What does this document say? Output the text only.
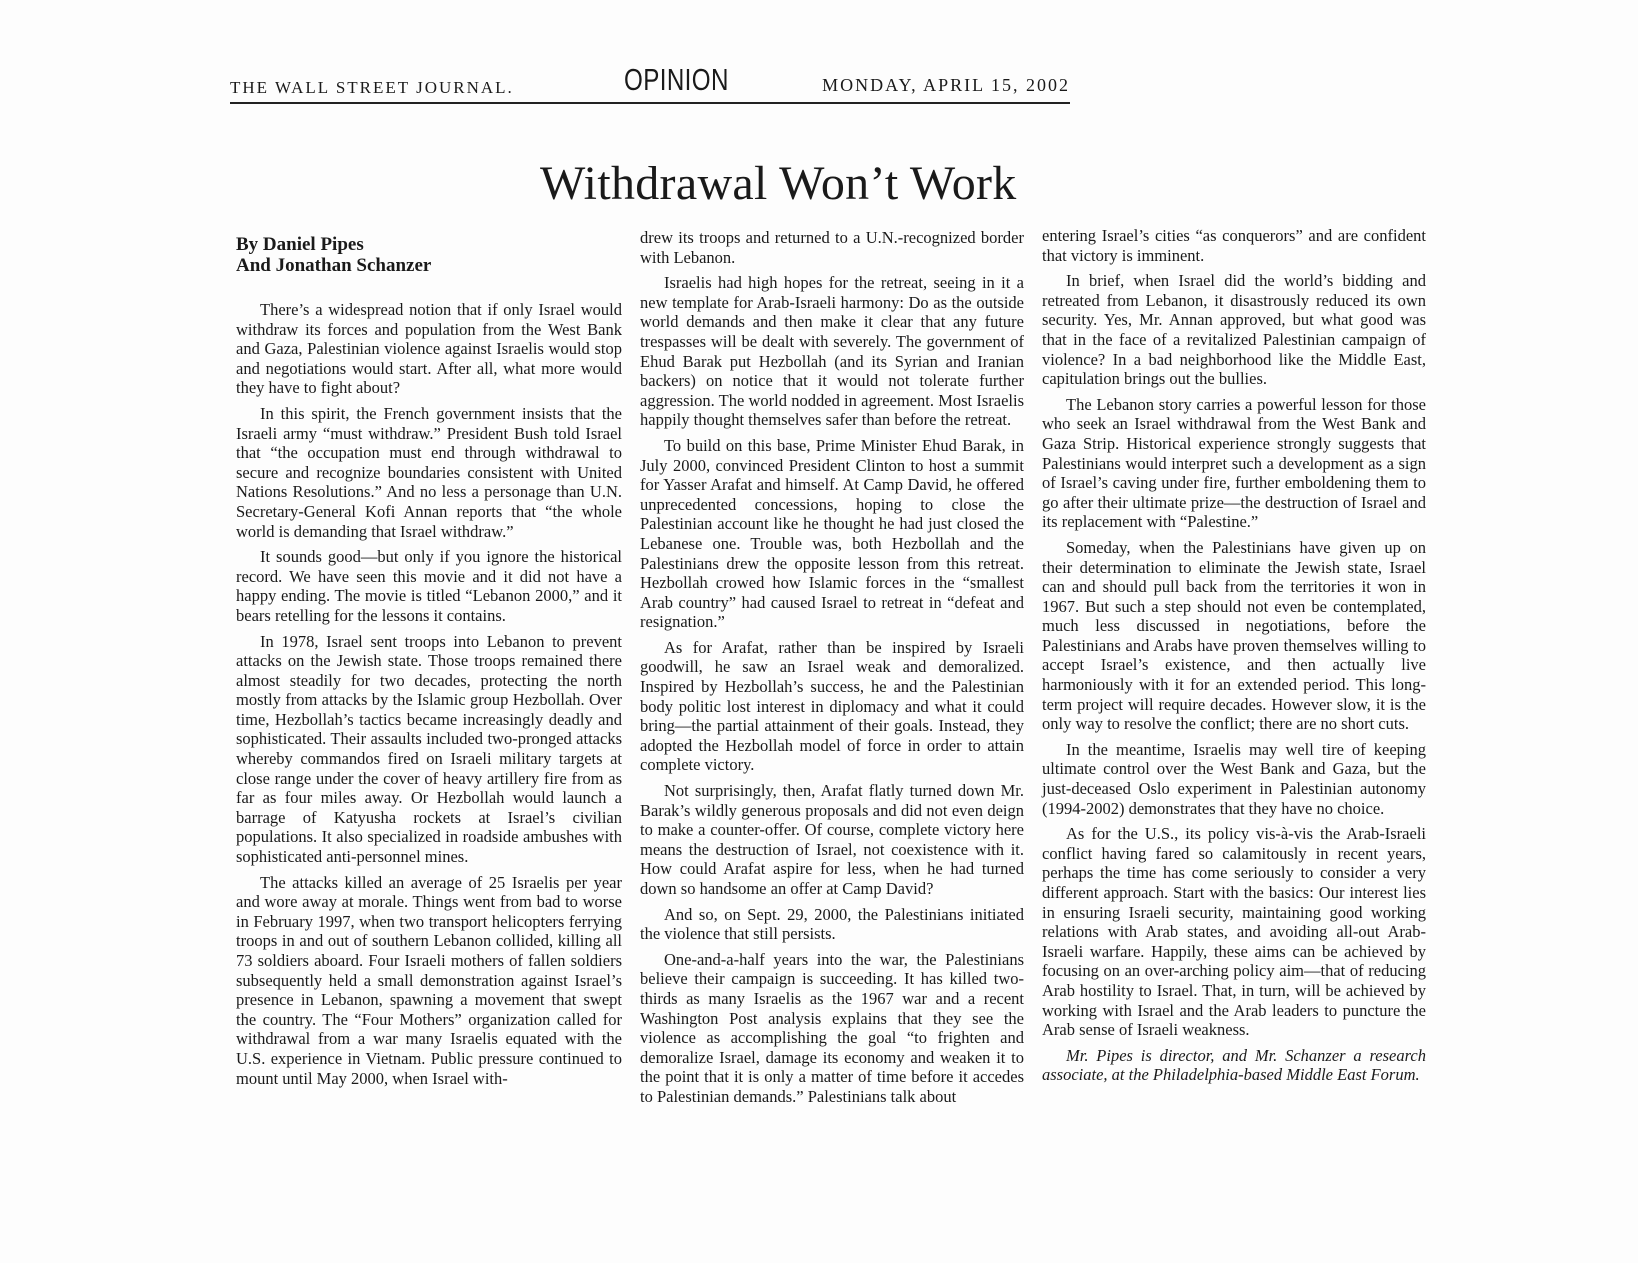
THE WALL STREET JOURNAL.	OPINION	MONDAY, APRIL 15, 2002
Withdrawal Won’t Work
By Daniel Pipes
And Jonathan Schanzer

There’s a widespread notion that if only Israel would withdraw its forces and population from the West Bank and Gaza, Palestinian violence against Israelis would stop and negotiations would start. After all, what more would they have to fight about?

In this spirit, the French government insists that the Israeli army “must withdraw.” President Bush told Israel that “the occupation must end through withdrawal to secure and recognize boundaries consistent with United Nations Resolutions.” And no less a personage than U.N. Secretary-General Kofi Annan reports that “the whole world is demanding that Israel withdraw.”

It sounds good—but only if you ignore the historical record. We have seen this movie and it did not have a happy ending. The movie is titled “Lebanon 2000,” and it bears retelling for the lessons it contains.

In 1978, Israel sent troops into Lebanon to prevent attacks on the Jewish state. Those troops remained there almost steadily for two decades, protecting the north mostly from attacks by the Islamic group Hezbollah. Over time, Hezbollah’s tactics became increasingly deadly and sophisticated. Their assaults included two-pronged attacks whereby commandos fired on Israeli military targets at close range under the cover of heavy artillery fire from as far as four miles away. Or Hezbollah would launch a barrage of Katyusha rockets at Israel’s civilian populations. It also specialized in roadside ambushes with sophisticated anti-personnel mines.

The attacks killed an average of 25 Israelis per year and wore away at morale. Things went from bad to worse in February 1997, when two transport helicopters ferrying troops in and out of southern Lebanon collided, killing all 73 soldiers aboard. Four Israeli mothers of fallen soldiers subsequently held a small demonstration against Israel’s presence in Lebanon, spawning a movement that swept the country. The “Four Mothers” organization called for withdrawal from a war many Israelis equated with the U.S. experience in Vietnam. Public pressure continued to mount until May 2000, when Israel with-

drew its troops and returned to a U.N.-recognized border with Lebanon.

Israelis had high hopes for the retreat, seeing in it a new template for Arab-Israeli harmony: Do as the outside world demands and then make it clear that any future trespasses will be dealt with severely. The government of Ehud Barak put Hezbollah (and its Syrian and Iranian backers) on notice that it would not tolerate further aggression. The world nodded in agreement. Most Israelis happily thought themselves safer than before the retreat.

To build on this base, Prime Minister Ehud Barak, in July 2000, convinced President Clinton to host a summit for Yasser Arafat and himself. At Camp David, he offered unprecedented concessions, hoping to close the Palestinian account like he thought he had just closed the Lebanese one. Trouble was, both Hezbollah and the Palestinians drew the opposite lesson from this retreat. Hezbollah crowed how Islamic forces in the “smallest Arab country” had caused Israel to retreat in “defeat and resignation.”

As for Arafat, rather than be inspired by Israeli goodwill, he saw an Israel weak and demoralized. Inspired by Hezbollah’s success, he and the Palestinian body politic lost interest in diplomacy and what it could bring—the partial attainment of their goals. Instead, they adopted the Hezbollah model of force in order to attain complete victory.

Not surprisingly, then, Arafat flatly turned down Mr. Barak’s wildly generous proposals and did not even deign to make a counter-offer. Of course, complete victory here means the destruction of Israel, not coexistence with it. How could Arafat aspire for less, when he had turned down so handsome an offer at Camp David?

And so, on Sept. 29, 2000, the Palestinians initiated the violence that still persists.

One-and-a-half years into the war, the Palestinians believe their campaign is succeeding. It has killed two-thirds as many Israelis as the 1967 war and a recent Washington Post analysis explains that they see the violence as accomplishing the goal “to frighten and demoralize Israel, damage its economy and weaken it to the point that it is only a matter of time before it accedes to Palestinian demands.” Palestinians talk about

entering Israel’s cities “as conquerors” and are confident that victory is imminent.

In brief, when Israel did the world’s bidding and retreated from Lebanon, it disastrously reduced its own security. Yes, Mr. Annan approved, but what good was that in the face of a revitalized Palestinian campaign of violence? In a bad neighborhood like the Middle East, capitulation brings out the bullies.

The Lebanon story carries a powerful lesson for those who seek an Israel withdrawal from the West Bank and Gaza Strip. Historical experience strongly suggests that Palestinians would interpret such a development as a sign of Israel’s caving under fire, further emboldening them to go after their ultimate prize—the destruction of Israel and its replacement with “Palestine.”

Someday, when the Palestinians have given up on their determination to eliminate the Jewish state, Israel can and should pull back from the territories it won in 1967. But such a step should not even be contemplated, much less discussed in negotiations, before the Palestinians and Arabs have proven themselves willing to accept Israel’s existence, and then actually live harmoniously with it for an extended period. This long-term project will require decades. However slow, it is the only way to resolve the conflict; there are no short cuts.

In the meantime, Israelis may well tire of keeping ultimate control over the West Bank and Gaza, but the just-deceased Oslo experiment in Palestinian autonomy (1994-2002) demonstrates that they have no choice.

As for the U.S., its policy vis-à-vis the Arab-Israeli conflict having fared so calamitously in recent years, perhaps the time has come seriously to consider a very different approach. Start with the basics: Our interest lies in ensuring Israeli security, maintaining good working relations with Arab states, and avoiding all-out Arab-Israeli warfare. Happily, these aims can be achieved by focusing on an over-arching policy aim—that of reducing Arab hostility to Israel. That, in turn, will be achieved by working with Israel and the Arab leaders to puncture the Arab sense of Israeli weakness.

Mr. Pipes is director, and Mr. Schanzer a research associate, at the Philadelphia-based Middle East Forum.
